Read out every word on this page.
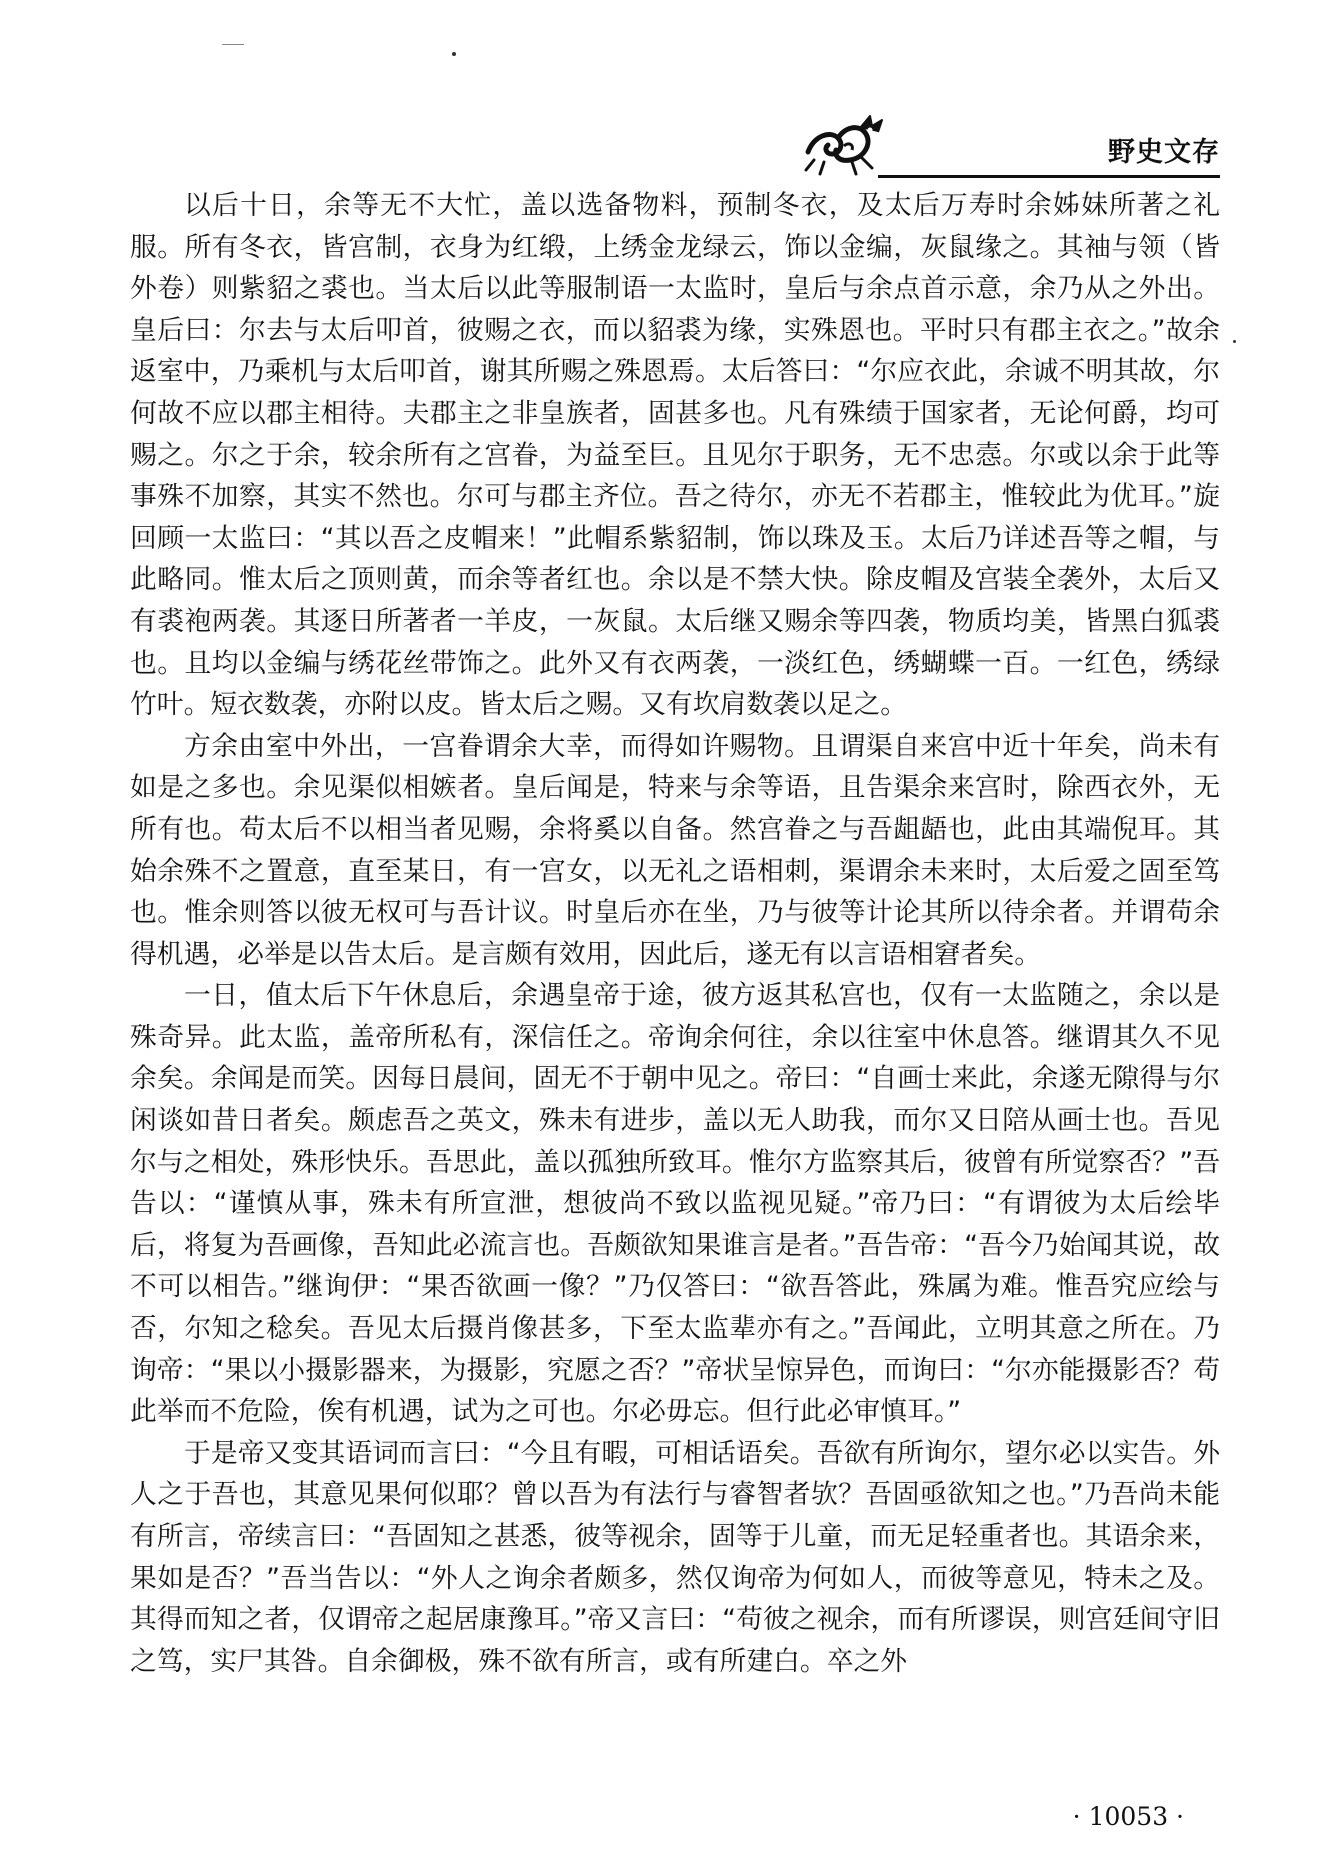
野史文存

以后十日，余等无不大忙，盖以选备物料，预制冬衣，及太后万寿时余姊妹所著之礼服。所有冬衣，皆宫制，衣身为红缎，上绣金龙绿云，饰以金编，灰鼠缘之。其袖与领（皆外卷）则紫貂之裘也。当太后以此等服制语一太监时，皇后与余点首示意，余乃从之外出。皇后曰：尔去与太后叩首，彼赐之衣，而以貂裘为缘，实殊恩也。平时只有郡主衣之。”故余返室中，乃乘机与太后叩首，谢其所赐之殊恩焉。太后答曰：“尔应衣此，余诚不明其故，尔何故不应以郡主相待。夫郡主之非皇族者，固甚多也。凡有殊绩于国家者，无论何爵，均可赐之。尔之于余，较余所有之宫眷，为益至巨。且见尔于职务，无不忠悫。尔或以余于此等事殊不加察，其实不然也。尔可与郡主齐位。吾之待尔，亦无不若郡主，惟较此为优耳。”旋回顾一太监曰：“其以吾之皮帽来！”此帽系紫貂制，饰以珠及玉。太后乃详述吾等之帽，与此略同。惟太后之顶则黄，而余等者红也。余以是不禁大快。除皮帽及宫装全袭外，太后又有裘袍两袭。其逐日所著者一羊皮，一灰鼠。太后继又赐余等四袭，物质均美，皆黑白狐裘也。且均以金编与绣花丝带饰之。此外又有衣两袭，一淡红色，绣蝴蝶一百。一红色，绣绿竹叶。短衣数袭，亦附以皮。皆太后之赐。又有坎肩数袭以足之。

方余由室中外出，一宫眷谓余大幸，而得如许赐物。且谓渠自来宫中近十年矣，尚未有如是之多也。余见渠似相嫉者。皇后闻是，特来与余等语，且告渠余来宫时，除西衣外，无所有也。苟太后不以相当者见赐，余将奚以自备。然宫眷之与吾龃龉也，此由其端倪耳。其始余殊不之置意，直至某日，有一宫女，以无礼之语相刺，渠谓余未来时，太后爱之固至笃也。惟余则答以彼无权可与吾计议。时皇后亦在坐，乃与彼等计论其所以待余者。并谓苟余得机遇，必举是以告太后。是言颇有效用，因此后，遂无有以言语相窘者矣。

一日，值太后下午休息后，余遇皇帝于途，彼方返其私宫也，仅有一太监随之，余以是殊奇异。此太监，盖帝所私有，深信任之。帝询余何往，余以往室中休息答。继谓其久不见余矣。余闻是而笑。因每日晨间，固无不于朝中见之。帝曰：“自画士来此，余遂无隙得与尔闲谈如昔日者矣。颇虑吾之英文，殊未有进步，盖以无人助我，而尔又日陪从画士也。吾见尔与之相处，殊形快乐。吾思此，盖以孤独所致耳。惟尔方监察其后，彼曾有所觉察否？”吾告以：“谨慎从事，殊未有所宣泄，想彼尚不致以监视见疑。”帝乃曰：“有谓彼为太后绘毕后，将复为吾画像，吾知此必流言也。吾颇欲知果谁言是者。”吾告帝：“吾今乃始闻其说，故不可以相告。”继询伊：“果否欲画一像？”乃仅答曰：“欲吾答此，殊属为难。惟吾究应绘与否，尔知之稔矣。吾见太后摄肖像甚多，下至太监辈亦有之。”吾闻此，立明其意之所在。乃询帝：“果以小摄影器来，为摄影，究愿之否？”帝状呈惊异色，而询曰：“尔亦能摄影否？苟此举而不危险，俟有机遇，试为之可也。尔必毋忘。但行此必审慎耳。”

于是帝又变其语词而言曰：“今且有暇，可相话语矣。吾欲有所询尔，望尔必以实告。外人之于吾也，其意见果何似耶？曾以吾为有法行与睿智者欤？吾固亟欲知之也。”乃吾尚未能有所言，帝续言曰：“吾固知之甚悉，彼等视余，固等于儿童，而无足轻重者也。其语余来，果如是否？”吾当告以：“外人之询余者颇多，然仅询帝为何如人，而彼等意见，特未之及。其得而知之者，仅谓帝之起居康豫耳。”帝又言曰：“苟彼之视余，而有所谬误，则宫廷间守旧之笃，实尸其咎。自余御极，殊不欲有所言，或有所建白。卒之外

· 10053 ·
